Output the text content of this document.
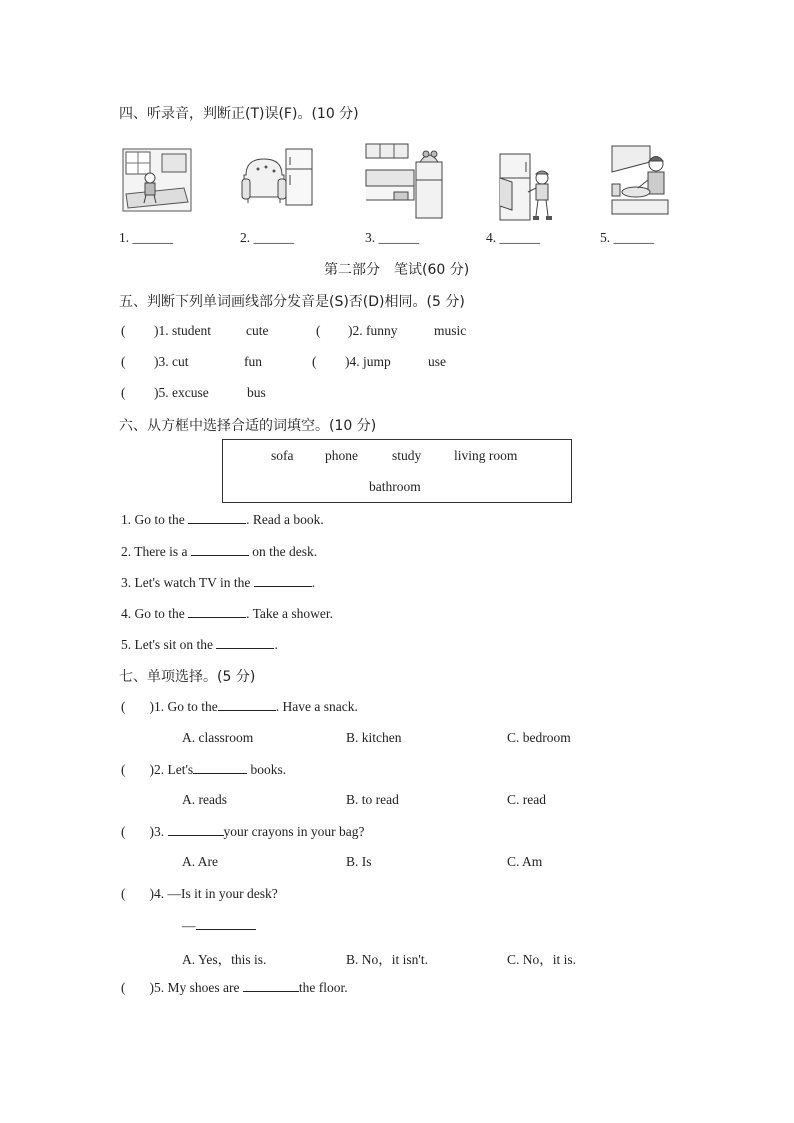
四、听录音，判断正(T)误(F)。(10 分)
1. ______	2. ______	3. ______	4. ______	5. ______
第二部分　笔试(60 分)
五、判断下列单词画线部分发音是(S)否(D)相同。(5 分)
( )1. student	cute	( )2. funny	music
( )3. cut	fun	( )4. jump	use
( )5. excuse	bus
六、从方框中选择合适的词填空。(10 分)
sofa phone	study living room
bathroom
1. Go to the	. Read a book.
2. There is a	on the desk.
3. Let's watch TV in the	.
4. Go to the	. Take a shower.
5. Let's sit on the	.
七、单项选择。(5 分)
( )1. Go to the	. Have a snack.
A. classroom	B. kitchen	C. bedroom
( )2. Let's	books.
A. reads	B. to read	C. read
( )3.	your crayons in your bag?
A. Are	B. Is	C. Am
( )4. —Is it in your desk?
—
A. Yes，this is.	B. No，it isn't.	C. No，it is.
( )5. My shoes are	the floor.
